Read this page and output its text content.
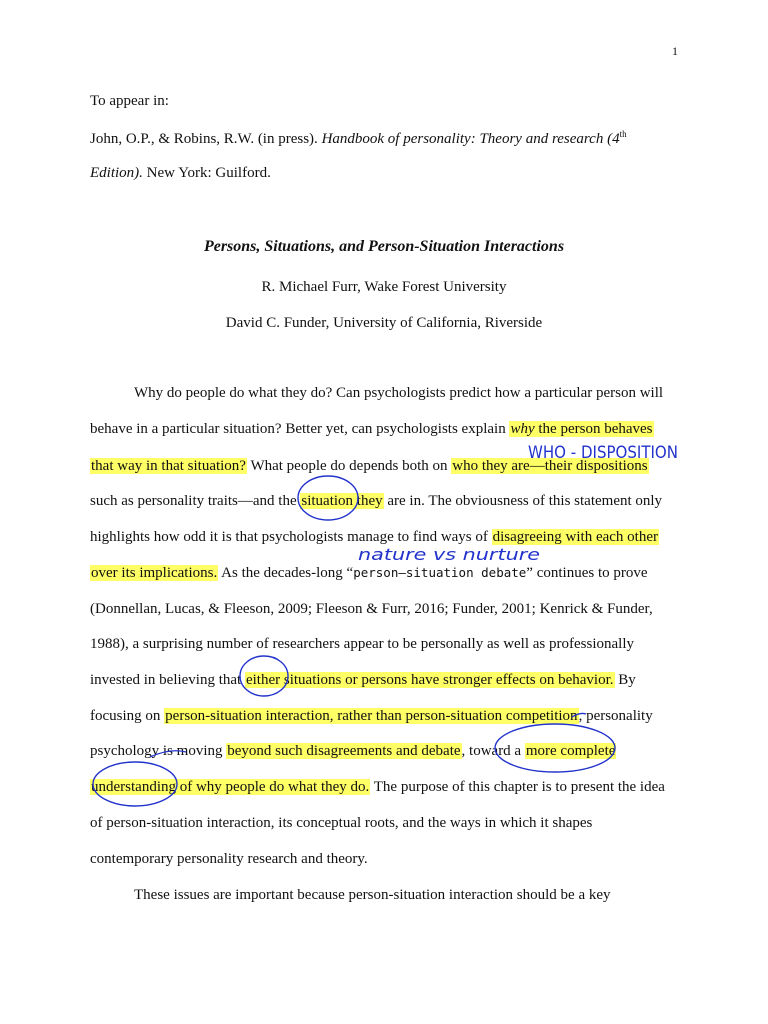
1
To appear in:
John, O.P., & Robins, R.W. (in press). Handbook of personality: Theory and research (4th
Edition). New York: Guilford.
Persons, Situations, and Person-Situation Interactions
R. Michael Furr, Wake Forest University
David C. Funder, University of California, Riverside
Why do people do what they do? Can psychologists predict how a particular person will
behave in a particular situation? Better yet, can psychologists explain why the person behaves
that way in that situation? What people do depends both on who they are—their dispositions
such as personality traits—and the situation they are in. The obviousness of this statement only
highlights how odd it is that psychologists manage to find ways of disagreeing with each other
over its implications. As the decades-long “person–situation debate” continues to prove
(Donnellan, Lucas, & Fleeson, 2009; Fleeson & Furr, 2016; Funder, 2001; Kenrick & Funder,
1988), a surprising number of researchers appear to be personally as well as professionally
invested in believing that either situations or persons have stronger effects on behavior. By
focusing on person-situation interaction, rather than person-situation competition, personality
psychology is moving beyond such disagreements and debate, toward a more complete
understanding of why people do what they do. The purpose of this chapter is to present the idea
of person-situation interaction, its conceptual roots, and the ways in which it shapes
contemporary personality research and theory.
These issues are important because person-situation interaction should be a key
WHO - DISPOSITION
nature vs nurture
